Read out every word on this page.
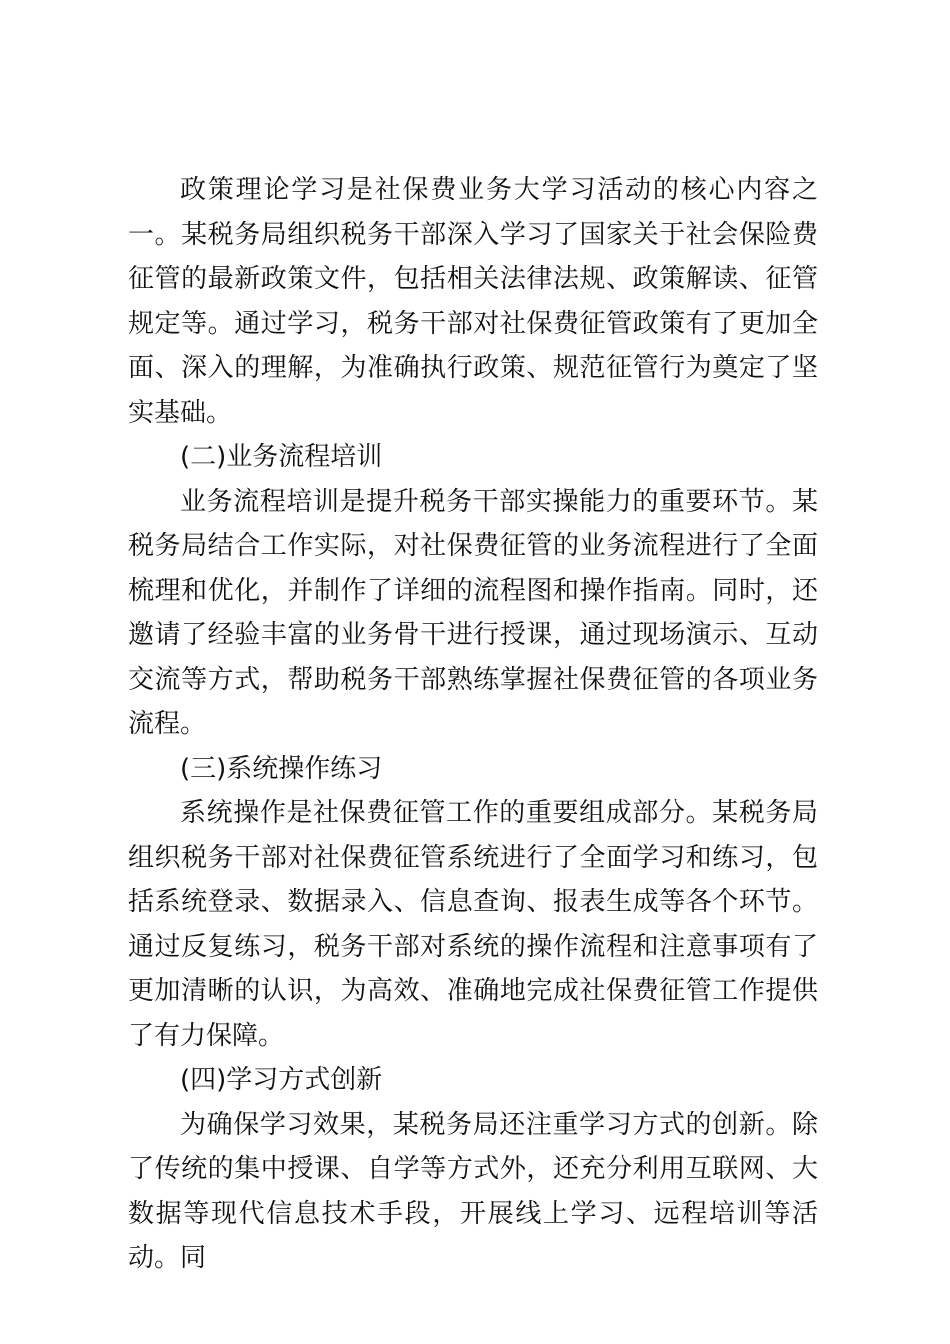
政策理论学习是社保费业务大学习活动的核心内容之一。某税务局组织税务干部深入学习了国家关于社会保险费征管的最新政策文件，包括相关法律法规、政策解读、征管规定等。通过学习，税务干部对社保费征管政策有了更加全面、深入的理解，为准确执行政策、规范征管行为奠定了坚实基础。

(二)业务流程培训

业务流程培训是提升税务干部实操能力的重要环节。某税务局结合工作实际，对社保费征管的业务流程进行了全面梳理和优化，并制作了详细的流程图和操作指南。同时，还邀请了经验丰富的业务骨干进行授课，通过现场演示、互动交流等方式，帮助税务干部熟练掌握社保费征管的各项业务流程。

(三)系统操作练习

系统操作是社保费征管工作的重要组成部分。某税务局组织税务干部对社保费征管系统进行了全面学习和练习，包括系统登录、数据录入、信息查询、报表生成等各个环节。通过反复练习，税务干部对系统的操作流程和注意事项有了更加清晰的认识，为高效、准确地完成社保费征管工作提供了有力保障。

(四)学习方式创新

为确保学习效果，某税务局还注重学习方式的创新。除了传统的集中授课、自学等方式外，还充分利用互联网、大数据等现代信息技术手段，开展线上学习、远程培训等活动。同
